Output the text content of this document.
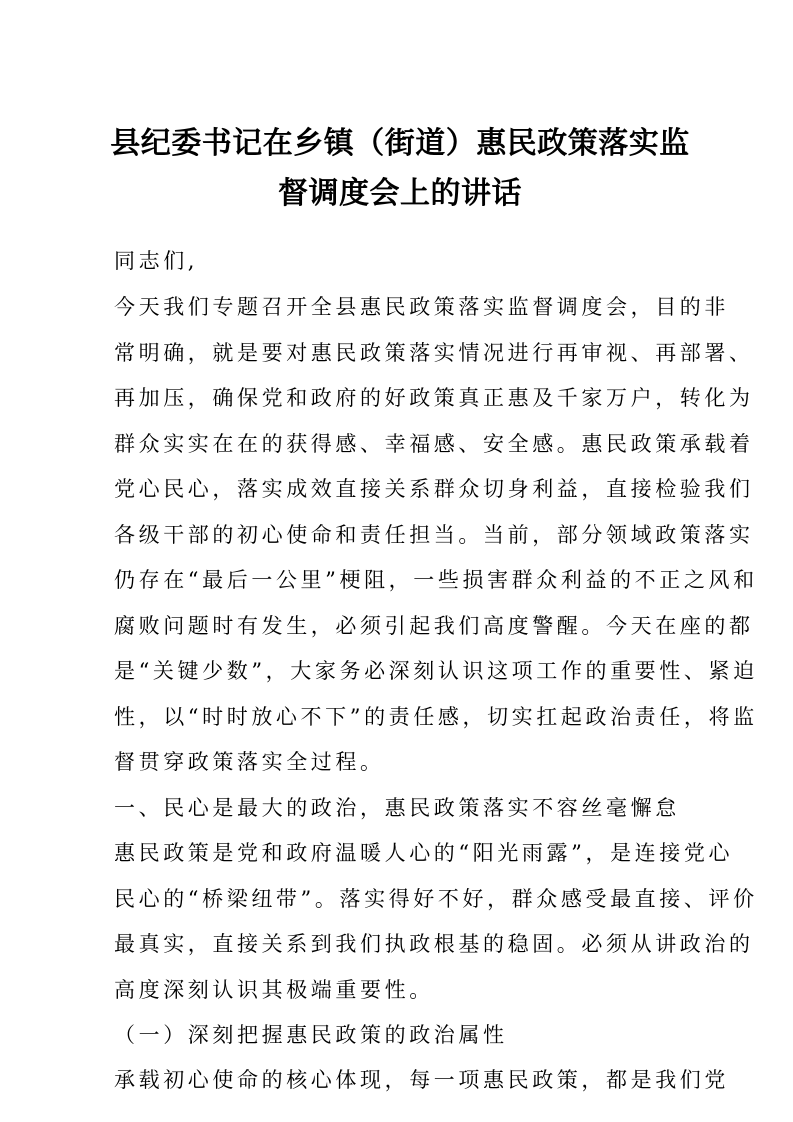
县纪委书记在乡镇（街道）惠民政策落实监
督调度会上的讲话

同志们,

今天我们专题召开全县惠民政策落实监督调度会，目的非

常明确，就是要对惠民政策落实情况进行再审视、再部署、

再加压，确保党和政府的好政策真正惠及千家万户，转化为

群众实实在在的获得感、幸福感、安全感。惠民政策承载着

党心民心，落实成效直接关系群众切身利益，直接检验我们

各级干部的初心使命和责任担当。当前，部分领域政策落实

仍存在“最后一公里”梗阻，一些损害群众利益的不正之风和

腐败问题时有发生，必须引起我们高度警醒。今天在座的都

是“关键少数”，大家务必深刻认识这项工作的重要性、紧迫

性，以“时时放心不下”的责任感，切实扛起政治责任，将监

督贯穿政策落实全过程。

一、民心是最大的政治，惠民政策落实不容丝毫懈怠

惠民政策是党和政府温暖人心的“阳光雨露”，是连接党心

民心的“桥梁纽带”。落实得好不好，群众感受最直接、评价

最真实，直接关系到我们执政根基的稳固。必须从讲政治的

高度深刻认识其极端重要性。

（一）深刻把握惠民政策的政治属性

承载初心使命的核心体现，每一项惠民政策，都是我们党
